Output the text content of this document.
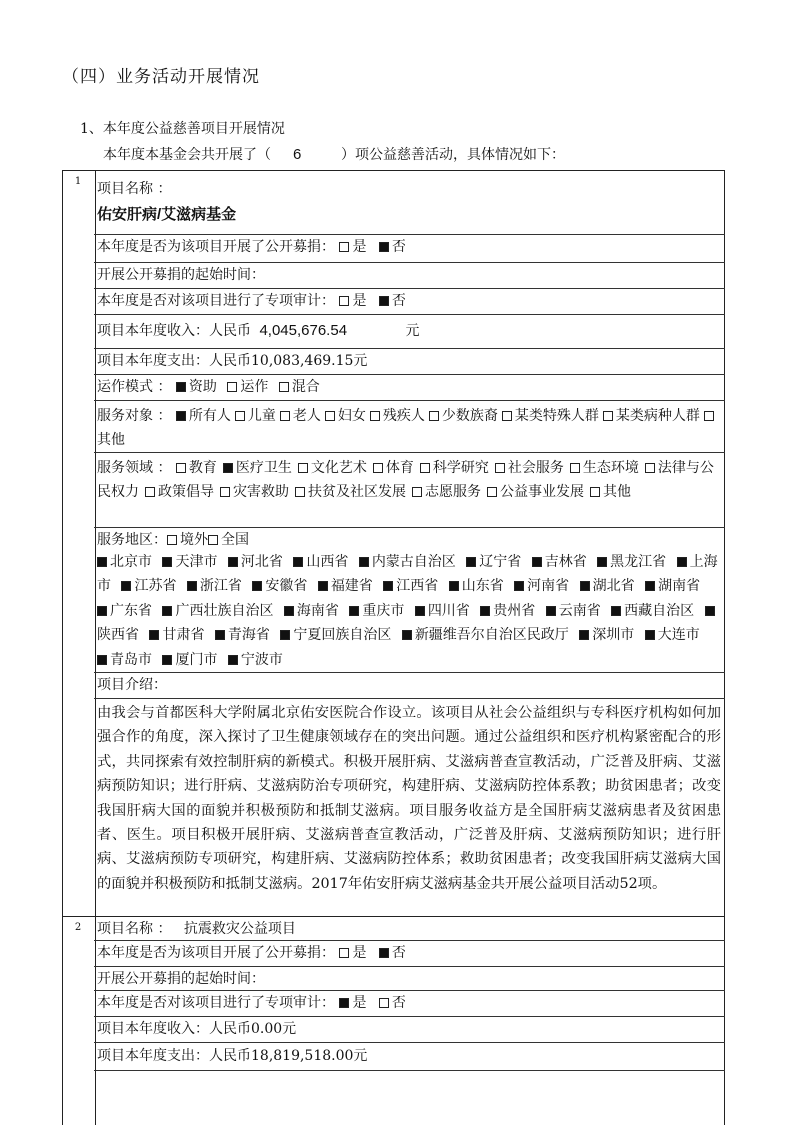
（四）业务活动开展情况
1、本年度公益慈善项目开展情况
本年度本基金会共开展了（ 6	）项公益慈善活动，具体情况如下：
1	项目名称 ：
佑安肝病/艾滋病基金
本年度是否为该项目开展了公开募捐： 是 否
开展公开募捐的起始时间：
本年度是否对该项目进行了专项审计： 是 否
项目本年度收入：人民币 4,045,676.54	元
项目本年度支出：人民币10,083,469.15元
运作模式 ： 资助 运作 混合
服务对象 ： 所有人 儿童 老人 妇女 残疾人 少数族裔 某类特殊人群 某类病种人群其他
服务领域 ： 教育 医疗卫生 文化艺术 体育 科学研究 社会服务 生态环境 法律与公民权力 政策倡导 灾害救助 扶贫及社区发展 志愿服务 公益事业发展 其他
服务地区： 境外 全国
北京市 天津市 河北省 山西省 内蒙古自治区 辽宁省 吉林省 黑龙江省 上海市 江苏省 浙江省 安徽省 福建省 江西省 山东省 河南省 湖北省 湖南省 广东省 广西壮族自治区 海南省 重庆市 四川省 贵州省 云南省 西藏自治区 陕西省 甘肃省 青海省 宁夏回族自治区 新疆维吾尔自治区民政厅 深圳市 大连市 青岛市 厦门市 宁波市
项目介绍：
由我会与首都医科大学附属北京佑安医院合作设立。该项目从社会公益组织与专科医疗机构如何加强合作的角度，深入探讨了卫生健康领域存在的突出问题。通过公益组织和医疗机构紧密配合的形式，共同探索有效控制肝病的新模式。积极开展肝病、艾滋病普查宣教活动，广泛普及肝病、艾滋病预防知识；进行肝病、艾滋病防治专项研究，构建肝病、艾滋病防控体系教；助贫困患者；改变我国肝病大国的面貌并积极预防和抵制艾滋病。项目服务收益方是全国肝病艾滋病患者及贫困患者、医生。项目积极开展肝病、艾滋病普查宣教活动，广泛普及肝病、艾滋病预防知识；进行肝病、艾滋病预防专项研究，构建肝病、艾滋病防控体系；救助贫困患者；改变我国肝病艾滋病大国的面貌并积极预防和抵制艾滋病。2017年佑安肝病艾滋病基金共开展公益项目活动52项。
2	项目名称 ： 抗震救灾公益项目
本年度是否为该项目开展了公开募捐： 是 否
开展公开募捐的起始时间：
本年度是否对该项目进行了专项审计： 是 否
项目本年度收入：人民币0.00元
项目本年度支出：人民币18,819,518.00元
